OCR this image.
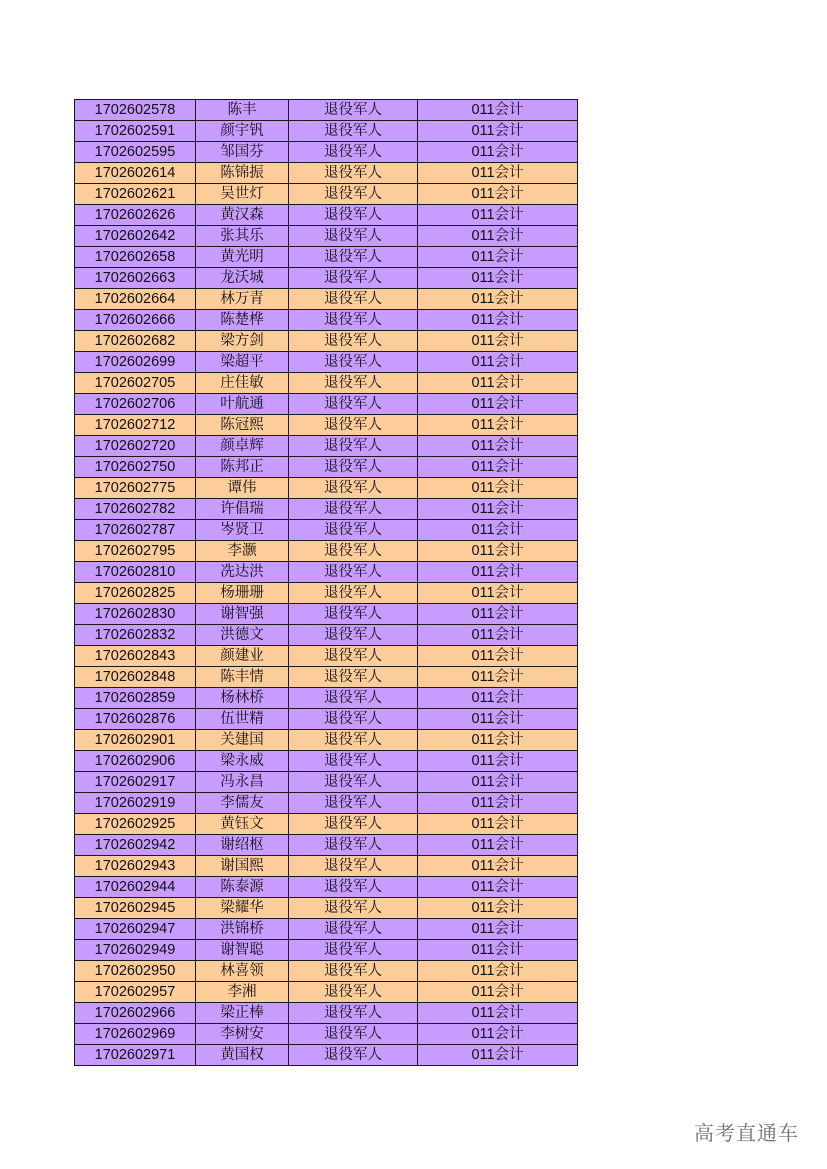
1702602578	陈丰	退役军人	011会计
1702602591	颜宇钒	退役军人	011会计
1702602595	邹国芬	退役军人	011会计
1702602614	陈锦振	退役军人	011会计
1702602621	吴世灯	退役军人	011会计
1702602626	黄汉森	退役军人	011会计
1702602642	张其乐	退役军人	011会计
1702602658	黄光明	退役军人	011会计
1702602663	龙沃城	退役军人	011会计
1702602664	林万青	退役军人	011会计
1702602666	陈楚桦	退役军人	011会计
1702602682	梁方剑	退役军人	011会计
1702602699	梁超平	退役军人	011会计
1702602705	庄佳敏	退役军人	011会计
1702602706	叶航通	退役军人	011会计
1702602712	陈冠熙	退役军人	011会计
1702602720	颜卓辉	退役军人	011会计
1702602750	陈邦正	退役军人	011会计
1702602775	谭伟	退役军人	011会计
1702602782	许倡瑞	退役军人	011会计
1702602787	岑贤卫	退役军人	011会计
1702602795	李灏	退役军人	011会计
1702602810	冼达洪	退役军人	011会计
1702602825	杨珊珊	退役军人	011会计
1702602830	谢智强	退役军人	011会计
1702602832	洪德文	退役军人	011会计
1702602843	颜建业	退役军人	011会计
1702602848	陈丰情	退役军人	011会计
1702602859	杨林桥	退役军人	011会计
1702602876	伍世精	退役军人	011会计
1702602901	关建国	退役军人	011会计
1702602906	梁永威	退役军人	011会计
1702602917	冯永昌	退役军人	011会计
1702602919	李儒友	退役军人	011会计
1702602925	黄钰文	退役军人	011会计
1702602942	谢绍枢	退役军人	011会计
1702602943	谢国熙	退役军人	011会计
1702602944	陈泰源	退役军人	011会计
1702602945	梁耀华	退役军人	011会计
1702602947	洪锦桥	退役军人	011会计
1702602949	谢智聪	退役军人	011会计
1702602950	林喜领	退役军人	011会计
1702602957	李湘	退役军人	011会计
1702602966	梁正棒	退役军人	011会计
1702602969	李树安	退役军人	011会计
1702602971	黄国权	退役军人	011会计
高考直通车
